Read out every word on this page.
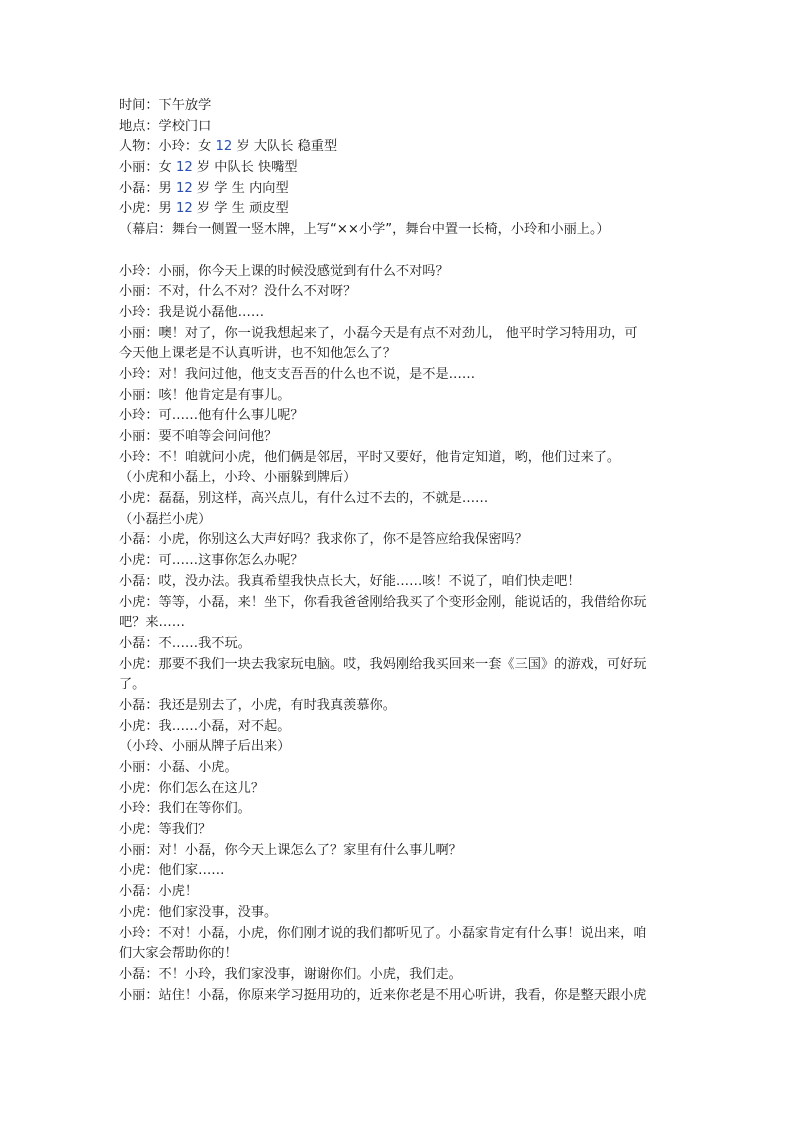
时间：下午放学
地点：学校门口
人物：小玲：女 12 岁 大队长 稳重型
小丽：女 12 岁 中队长 快嘴型
小磊：男 12 岁 学 生 内向型
小虎：男 12 岁 学 生 顽皮型
（幕启：舞台一侧置一竖木牌，上写“××小学”，舞台中置一长椅，小玲和小丽上。）
小玲：小丽，你今天上课的时候没感觉到有什么不对吗？
小丽：不对，什么不对？没什么不对呀？
小玲：我是说小磊他……
小丽：噢！对了，你一说我想起来了，小磊今天是有点不对劲儿， 他平时学习特用功，可
今天他上课老是不认真听讲，也不知他怎么了？
小玲：对！我问过他，他支支吾吾的什么也不说，是不是……
小丽：咳！他肯定是有事儿。
小玲：可……他有什么事儿呢？
小丽：要不咱等会问问他？
小玲：不！咱就问小虎，他们俩是邻居，平时又要好，他肯定知道，哟，他们过来了。
（小虎和小磊上，小玲、小丽躲到牌后）
小虎：磊磊，别这样，高兴点儿，有什么过不去的，不就是……
（小磊拦小虎）
小磊：小虎，你别这么大声好吗？我求你了，你不是答应给我保密吗？
小虎：可……这事你怎么办呢？
小磊：哎，没办法。我真希望我快点长大，好能……咳！不说了，咱们快走吧！
小虎：等等，小磊，来！坐下，你看我爸爸刚给我买了个变形金刚，能说话的，我借给你玩
吧？来……
小磊：不……我不玩。
小虎：那要不我们一块去我家玩电脑。哎，我妈刚给我买回来一套《三国》的游戏，可好玩
了。
小磊：我还是别去了，小虎，有时我真羡慕你。
小虎：我……小磊，对不起。
（小玲、小丽从牌子后出来）
小丽：小磊、小虎。
小虎：你们怎么在这儿？
小玲：我们在等你们。
小虎：等我们？
小丽：对！小磊，你今天上课怎么了？家里有什么事儿啊？
小虎：他们家……
小磊：小虎！
小虎：他们家没事，没事。
小玲：不对！小磊，小虎，你们刚才说的我们都听见了。小磊家肯定有什么事！说出来，咱
们大家会帮助你的！
小磊：不！小玲，我们家没事，谢谢你们。小虎，我们走。
小丽：站住！小磊，你原来学习挺用功的，近来你老是不用心听讲，我看，你是整天跟小虎
